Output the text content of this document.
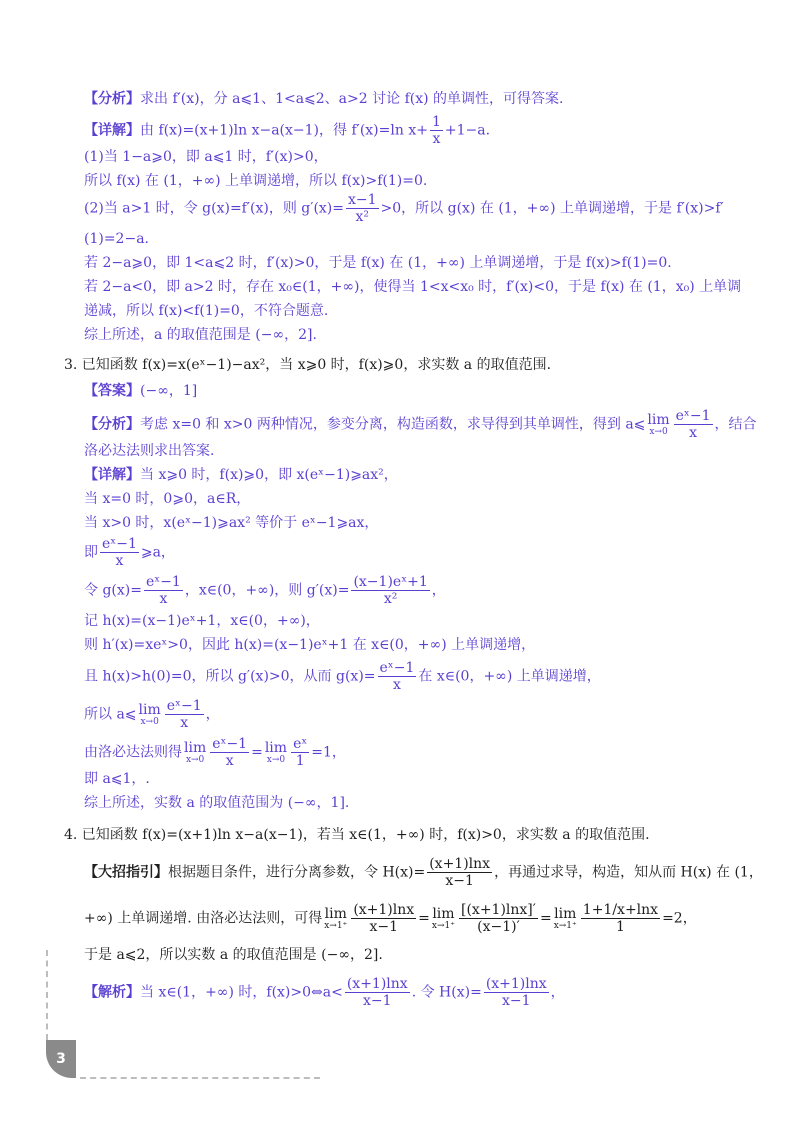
【分析】求出 f′(x)，分 a⩽1、1<a⩽2、a>2 讨论 f(x) 的单调性，可得答案.
【详解】由 f(x)=(x+1)ln x−a(x−1)，得 f′(x)=ln $x+ \frac{1}{x} +1-a$.
(1)当 1−a⩾0，即 a⩽1 时，f′(x)>0，
所以 f(x) 在 (1，+∞) 上单调递增，所以 f(x)>f(1)=0.
(2)当 a>1 时，令 g(x)=f′(x)，则 $g'(x)= \frac{x-1}{\text{x²}} >0$，所以 g(x) 在 (1，+∞) 上单调递增，于是 f′(x)>f′
(1)=2−a.
若 2−a⩾0，即 1<a⩽2 时，f′(x)>0，于是 f(x) 在 (1，+∞) 上单调递增，于是 f(x)>f(1)=0.
若 2−a<0，即 a>2 时，存在 x₀∈(1，+∞)，使得当 1<x<x₀ 时，f′(x)<0，于是 f(x) 在 (1，x₀) 上单调
递减，所以 f(x)<f(1)=0，不符合题意.
综上所述，a 的取值范围是 (−∞，2].
3. 已知函数 f(x)=x(eˣ−1)−ax²，当 x⩾0 时，f(x)⩾0，求实数 a 的取值范围.
【答案】(−∞，1]
【分析】考虑 x=0 和 x>0 两种情况，参变分离，构造函数，求导得到其单调性，得到 a⩽ lim
$x\to 0 \frac{\text{eˣ−1}}{x}$ ，结合
洛必达法则求出答案.
【详解】当 x⩾0 时，f(x)⩾0，即 x(eˣ−1)⩾ax²，
当 x=0 时，0⩾0，a∈R，
当 x>0 时，x(eˣ−1)⩾ax² 等价于 eˣ−1⩾ax，
即 $\frac{\text{eˣ−1}}{x}$ ⩾a，
令 $g(x)= \frac{\text{eˣ−1}}{x}$ ，x∈(0，+∞)，则 $g'(x)= \frac{\text{(x−1)eˣ+1}}{\text{x²}}$ ，
记 h(x)=(x−1)eˣ+1，x∈(0，+∞)，
则 h′(x)=xeˣ>0，因此 h(x)=(x−1)eˣ+1 在 x∈(0，+∞) 上单调递增，
且 h(x)>h(0)=0，所以 g′(x)>0，从而 $g(x)= \frac{\text{eˣ−1}}{x}$ 在 x∈(0，+∞) 上单调递增，
所以 a⩽ lim
$x\to 0 \frac{\text{eˣ−1}}{x}$ ，
由洛必达法则得 lim
$x\to 0 \frac{\text{eˣ−1}}{x} = \lim$
$x\to 0 \frac{\text{eˣ}}{1} =1$，
即 a⩽1，.
综上所述，实数 a 的取值范围为 (−∞，1].
4. 已知函数 f(x)=(x+1)ln x−a(x−1)，若当 x∈(1，+∞) 时，f(x)>0，求实数 a 的取值范围.
【大招指引】根据题目条件，进行分离参数，令 $H(x)= \frac{(x+1)\ln x}{x-1}$ ，再通过求导，构造，知从而 H(x) 在 (1，
+∞) 上单调递增. 由洛必达法则，可得 lim
$x\to 1^+ \frac{(x+1)\ln x}{x-1} = \lim$
$x\to 1^+ \frac{[(x+1)\ln x]'}{(x-1)'} = \lim$
$x\to 1^+ \frac{1+1/x+\ln x}{1} =2$，
于是 a⩽2，所以实数 a 的取值范围是 (−∞，2].
【解析】当 x∈(1，+∞) 时，f(x)>0⇔a< $\frac{(x+1)\ln x}{x-1}$ . 令 $H(x)= \frac{(x+1)\ln x}{x-1}$ ，
3
